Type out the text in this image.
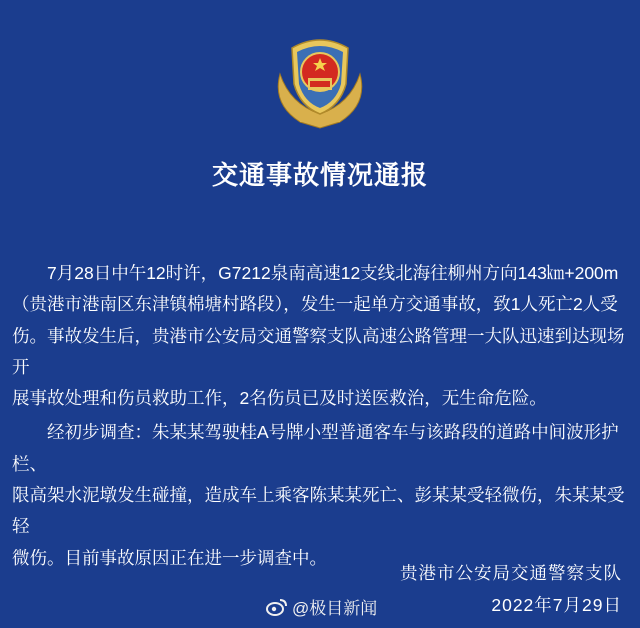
交通事故情况通报
　　7月28日中午12时许，G7212泉南高速12支线北海往柳州方向143㎞+200m
（贵港市港南区东津镇棉塘村路段），发生一起单方交通事故，致1人死亡2人受
伤。事故发生后，贵港市公安局交通警察支队高速公路管理一大队迅速到达现场开
展事故处理和伤员救助工作，2名伤员已及时送医救治，无生命危险。
　　经初步调查：朱某某驾驶桂A号牌小型普通客车与该路段的道路中间波形护栏、
限高架水泥墩发生碰撞，造成车上乘客陈某某死亡、彭某某受轻微伤，朱某某受轻
微伤。目前事故原因正在进一步调查中。
贵港市公安局交通警察支队
@极目新闻	2022年7月29日
